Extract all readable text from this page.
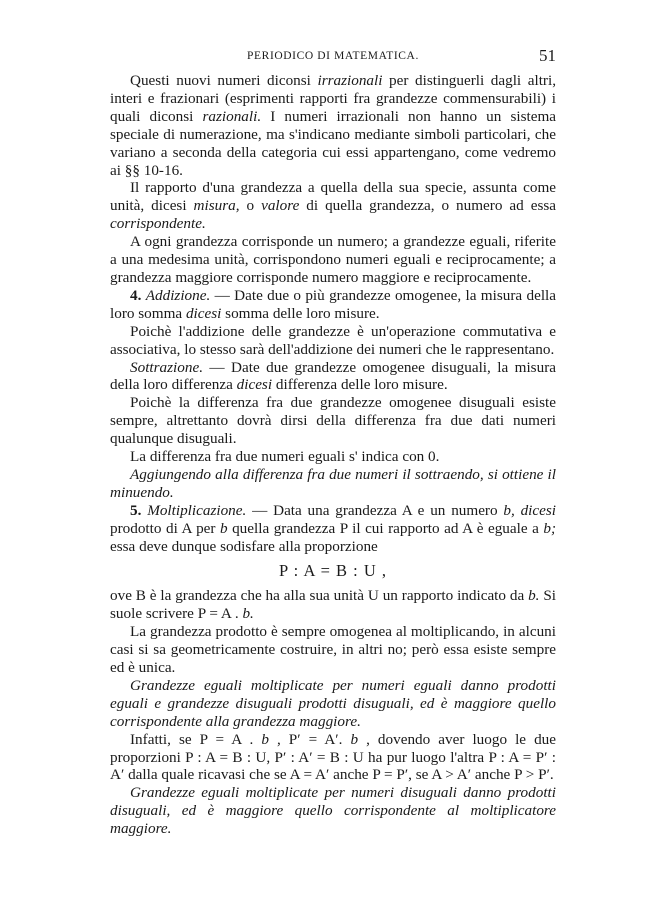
PERIODICO DI MATEMATICA.	51

Questi nuovi numeri diconsi irrazionali per distinguerli dagli altri, interi e frazionari (esprimenti rapporti fra grandezze commensurabili) i quali diconsi razionali. I numeri irrazionali non hanno un sistema speciale di numerazione, ma s'indicano mediante simboli particolari, che variano a seconda della categoria cui essi appartengano, come vedremo ai §§ 10-16.

Il rapporto d'una grandezza a quella della sua specie, assunta come unità, dicesi misura, o valore di quella grandezza, o numero ad essa corrispondente.

A ogni grandezza corrisponde un numero; a grandezze eguali, riferite a una medesima unità, corrispondono numeri eguali e reciprocamente; a grandezza maggiore corrisponde numero maggiore e reciprocamente.

4. Addizione. — Date due o più grandezze omogenee, la misura della loro somma dicesi somma delle loro misure.

Poichè l'addizione delle grandezze è un'operazione commutativa e associativa, lo stesso sarà dell'addizione dei numeri che le rappresentano.

Sottrazione. — Date due grandezze omogenee disuguali, la misura della loro differenza dicesi differenza delle loro misure.

Poichè la differenza fra due grandezze omogenee disuguali esiste sempre, altrettanto dovrà dirsi della differenza fra due dati numeri qualunque disuguali.

La differenza fra due numeri eguali s' indica con 0.

Aggiungendo alla differenza fra due numeri il sottraendo, si ottiene il minuendo.

5. Moltiplicazione. — Data una grandezza A e un numero b, dicesi prodotto di A per b quella grandezza P il cui rapporto ad A è eguale a b; essa deve dunque sodisfare alla proporzione

P : A = B : U ,

ove B è la grandezza che ha alla sua unità U un rapporto indicato da b. Si suole scrivere P = A . b.

La grandezza prodotto è sempre omogenea al moltiplicando, in alcuni casi si sa geometricamente costruire, in altri no; però essa esiste sempre ed è unica.

Grandezze eguali moltiplicate per numeri eguali danno prodotti eguali e grandezze disuguali prodotti disuguali, ed è maggiore quello corrispondente alla grandezza maggiore.

Infatti, se P = A . b , P′ = A′. b , dovendo aver luogo le due proporzioni P : A = B : U, P′ : A′ = B : U ha pur luogo l'altra P : A = P′ : A′ dalla quale ricavasi che se A = A′ anche P = P′, se A > A′ anche P > P′.

Grandezze eguali moltiplicate per numeri disuguali danno prodotti disuguali, ed è maggiore quello corrispondente al moltiplicatore maggiore.
